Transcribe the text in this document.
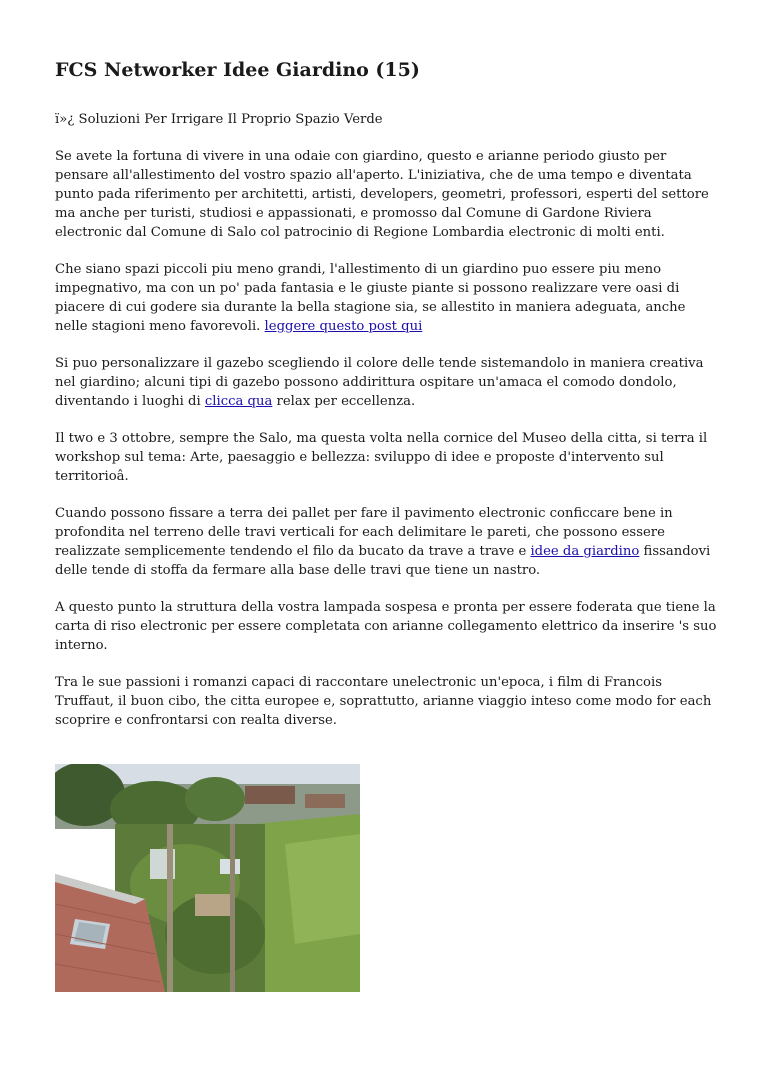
FCS Networker Idee Giardino (15)

ï»¿ Soluzioni Per Irrigare Il Proprio Spazio Verde

Se avete la fortuna di vivere in una odaie con giardino, questo e arianne periodo giusto per pensare all'allestimento del vostro spazio all'aperto. L'iniziativa, che de uma tempo e diventata punto pada riferimento per architetti, artisti, developers, geometri, professori, esperti del settore ma anche per turisti, studiosi e appassionati, e promosso dal Comune di Gardone Riviera electronic dal Comune di Salo col patrocinio di Regione Lombardia electronic di molti enti.

Che siano spazi piccoli piu meno grandi, l'allestimento di un giardino puo essere piu meno impegnativo, ma con un po' pada fantasia e le giuste piante si possono realizzare vere oasi di piacere di cui godere sia durante la bella stagione sia, se allestito in maniera adeguata, anche nelle stagioni meno favorevoli. leggere questo post qui

Si puo personalizzare il gazebo scegliendo il colore delle tende sistemandolo in maniera creativa nel giardino; alcuni tipi di gazebo possono addirittura ospitare un'amaca el comodo dondolo, diventando i luoghi di clicca qua relax per eccellenza.

Il two e 3 ottobre, sempre the Salo, ma questa volta nella cornice del Museo della citta, si terra il workshop sul tema: Arte, paesaggio e bellezza: sviluppo di idee e proposte d'intervento sul territorioâ.

Cuando possono fissare a terra dei pallet per fare il pavimento electronic conficcare bene in profondita nel terreno delle travi verticali for each delimitare le pareti, che possono essere realizzate semplicemente tendendo el filo da bucato da trave a trave e idee da giardino fissandovi delle tende di stoffa da fermare alla base delle travi que tiene un nastro.

A questo punto la struttura della vostra lampada sospesa e pronta per essere foderata que tiene la carta di riso electronic per essere completata con arianne collegamento elettrico da inserire 's suo interno.

Tra le sue passioni i romanzi capaci di raccontare unelectronic un'epoca, i film di Francois Truffaut, il buon cibo, the citta europee e, soprattutto, arianne viaggio inteso come modo for each scoprire e confrontarsi con realta diverse.
